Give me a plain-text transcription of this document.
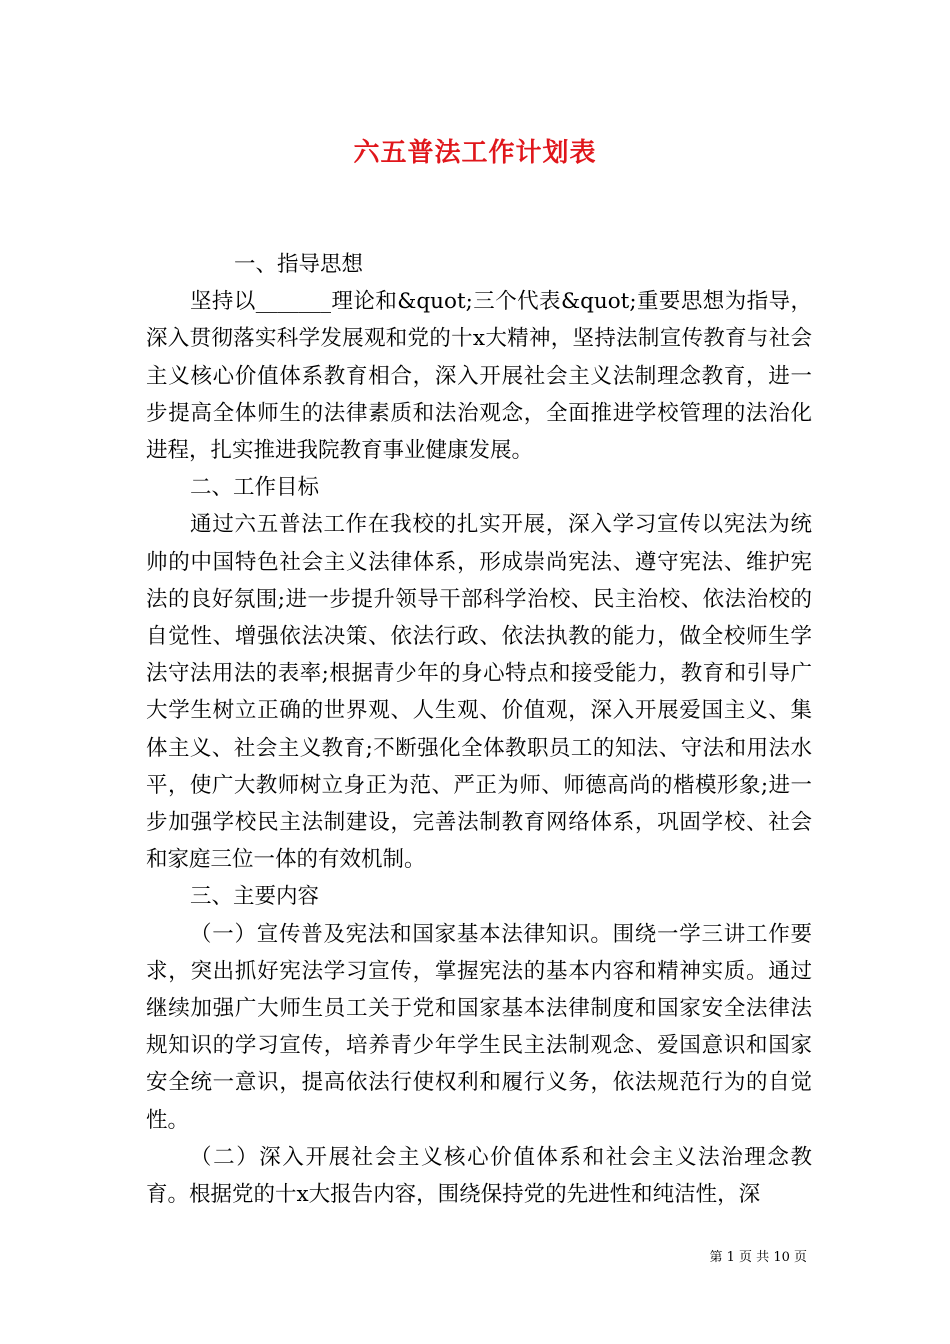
六五普法工作计划表

一、指导思想

坚持以_______理论和&quot;三个代表&quot;重要思想为指导，深入贯彻落实科学发展观和党的十x大精神，坚持法制宣传教育与社会主义核心价值体系教育相合，深入开展社会主义法制理念教育，进一步提高全体师生的法律素质和法治观念，全面推进学校管理的法治化进程，扎实推进我院教育事业健康发展。

二、工作目标

通过六五普法工作在我校的扎实开展，深入学习宣传以宪法为统帅的中国特色社会主义法律体系，形成崇尚宪法、遵守宪法、维护宪法的良好氛围;进一步提升领导干部科学治校、民主治校、依法治校的自觉性、增强依法决策、依法行政、依法执教的能力，做全校师生学法守法用法的表率;根据青少年的身心特点和接受能力，教育和引导广大学生树立正确的世界观、人生观、价值观，深入开展爱国主义、集体主义、社会主义教育;不断强化全体教职员工的知法、守法和用法水平，使广大教师树立身正为范、严正为师、师德高尚的楷模形象;进一步加强学校民主法制建设，完善法制教育网络体系，巩固学校、社会和家庭三位一体的有效机制。

三、主要内容

（一）宣传普及宪法和国家基本法律知识。围绕一学三讲工作要求，突出抓好宪法学习宣传，掌握宪法的基本内容和精神实质。通过继续加强广大师生员工关于党和国家基本法律制度和国家安全法律法规知识的学习宣传，培养青少年学生民主法制观念、爱国意识和国家安全统一意识，提高依法行使权利和履行义务，依法规范行为的自觉性。

（二）深入开展社会主义核心价值体系和社会主义法治理念教育。根据党的十x大报告内容，围绕保持党的先进性和纯洁性，深

第 1 页 共 10 页
